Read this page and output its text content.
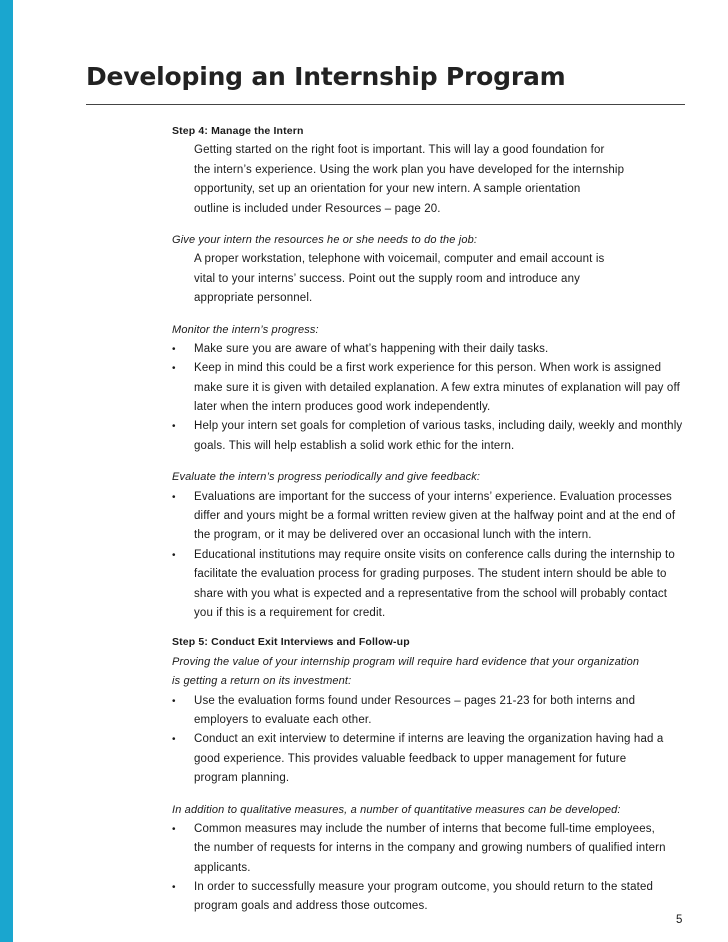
Developing an Internship Program
Step 4: Manage the Intern
Getting started on the right foot is important. This will lay a good foundation for
the intern’s experience. Using the work plan you have developed for the internship
opportunity, set up an orientation for your new intern. A sample orientation
outline is included under Resources – page 20.
Give your intern the resources he or she needs to do the job:
A proper workstation, telephone with voicemail, computer and email account is
vital to your interns’ success. Point out the supply room and introduce any
appropriate personnel.
Monitor the intern’s progress:
• Make sure you are aware of what’s happening with their daily tasks.
• Keep in mind this could be a first work experience for this person. When work is assigned
make sure it is given with detailed explanation. A few extra minutes of explanation will pay off
later when the intern produces good work independently.
• Help your intern set goals for completion of various tasks, including daily, weekly and monthly
goals. This will help establish a solid work ethic for the intern.
Evaluate the intern’s progress periodically and give feedback:
• Evaluations are important for the success of your interns’ experience. Evaluation processes
differ and yours might be a formal written review given at the halfway point and at the end of
the program, or it may be delivered over an occasional lunch with the intern.
• Educational institutions may require onsite visits on conference calls during the internship to
facilitate the evaluation process for grading purposes. The student intern should be able to
share with you what is expected and a representative from the school will probably contact
you if this is a requirement for credit.
Step 5: Conduct Exit Interviews and Follow-up
Proving the value of your internship program will require hard evidence that your organization
is getting a return on its investment:
• Use the evaluation forms found under Resources – pages 21-23 for both interns and
employers to evaluate each other.
• Conduct an exit interview to determine if interns are leaving the organization having had a
good experience. This provides valuable feedback to upper management for future
program planning.
In addition to qualitative measures, a number of quantitative measures can be developed:
• Common measures may include the number of interns that become full-time employees,
the number of requests for interns in the company and growing numbers of qualified intern
applicants.
• In order to successfully measure your program outcome, you should return to the stated
program goals and address those outcomes.
5
